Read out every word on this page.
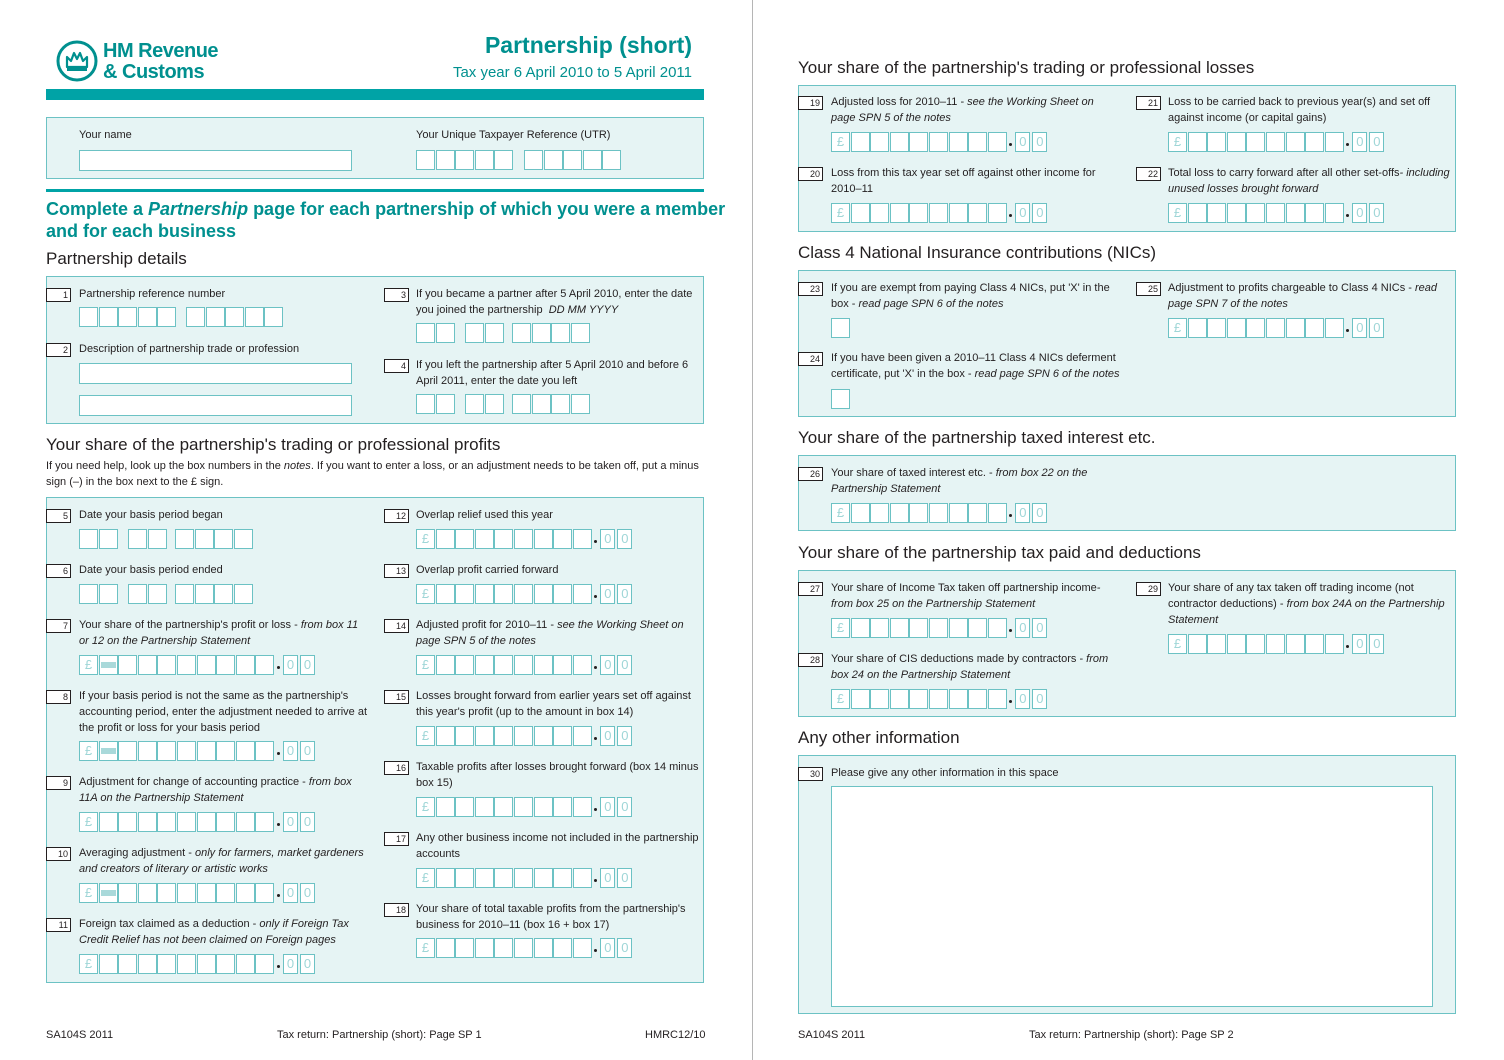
HM Revenue
& Customs
Partnership (short)
Tax year 6 April 2010 to 5 April 2011
Your name	Your Unique Taxpayer Reference (UTR)
Complete a Partnership page for each partnership of which you were a member
and for each business
Partnership details
1 Partnership reference number
2 Description of partnership trade or profession
3 If you became a partner after 5 April 2010, enter the date you joined the partnership DD MM YYYY
4 If you left the partnership after 5 April 2010 and before 6 April 2011, enter the date you left
Your share of the partnership's trading or professional profits
If you need help, look up the box numbers in the notes. If you want to enter a loss, or an adjustment needs to be taken off, put a minus sign (–) in the box next to the £ sign.
SA104S 2011	Tax return: Partnership (short): Page SP 1	HMRC12/10
5 Date your basis period began
6 Date your basis period ended
7 Your share of the partnership's profit or loss - from box 11 or 12 on the Partnership Statement
£	0 0
8 If your basis period is not the same as the partnership's accounting period, enter the adjustment needed to arrive at the profit or loss for your basis period
£	0 0
9 Adjustment for change of accounting practice - from box 11A on the Partnership Statement
£	0 0
10 Averaging adjustment - only for farmers, market gardeners and creators of literary or artistic works
£	0 0
11 Foreign tax claimed as a deduction - only if Foreign Tax Credit Relief has not been claimed on Foreign pages
£	0 0
12 Overlap relief used this year
£	0 0
13 Overlap profit carried forward
£	0 0
14 Adjusted profit for 2010–11 - see the Working Sheet on page SPN 5 of the notes
£	0 0
15 Losses brought forward from earlier years set off against this year's profit (up to the amount in box 14)
£	0 0
16 Taxable profits after losses brought forward (box 14 minus box 15)
£	0 0
17 Any other business income not included in the partnership accounts
£	0 0
18 Your share of total taxable profits from the partnership's business for 2010–11 (box 16 + box 17)
£	0 0
Your share of the partnership's trading or professional losses
Class 4 National Insurance contributions (NICs)
Your share of the partnership taxed interest etc.
Your share of the partnership tax paid and deductions
Any other information
SA104S 2011	Tax return: Partnership (short): Page SP 2
19 Adjusted loss for 2010–11 - see the Working Sheet on page SPN 5 of the notes
£	0 0
20 Loss from this tax year set off against other income for 2010–11
£	0 0
21 Loss to be carried back to previous year(s) and set off against income (or capital gains)
£	0 0
22 Total loss to carry forward after all other set-offs- including unused losses brought forward
£	0 0
23 If you are exempt from paying Class 4 NICs, put 'X' in the box - read page SPN 6 of the notes
24 If you have been given a 2010–11 Class 4 NICs deferment certificate, put 'X' in the box - read page SPN 6 of the notes
25 Adjustment to profits chargeable to Class 4 NICs - read page SPN 7 of the notes
£	0 0
26 Your share of taxed interest etc. - from box 22 on the Partnership Statement
£	0 0
27 Your share of Income Tax taken off partnership income- from box 25 on the Partnership Statement
£	0 0
28 Your share of CIS deductions made by contractors - from box 24 on the Partnership Statement
£	0 0
29 Your share of any tax taken off trading income (not contractor deductions) - from box 24A on the Partnership Statement
£	0 0
30 Please give any other information in this space
